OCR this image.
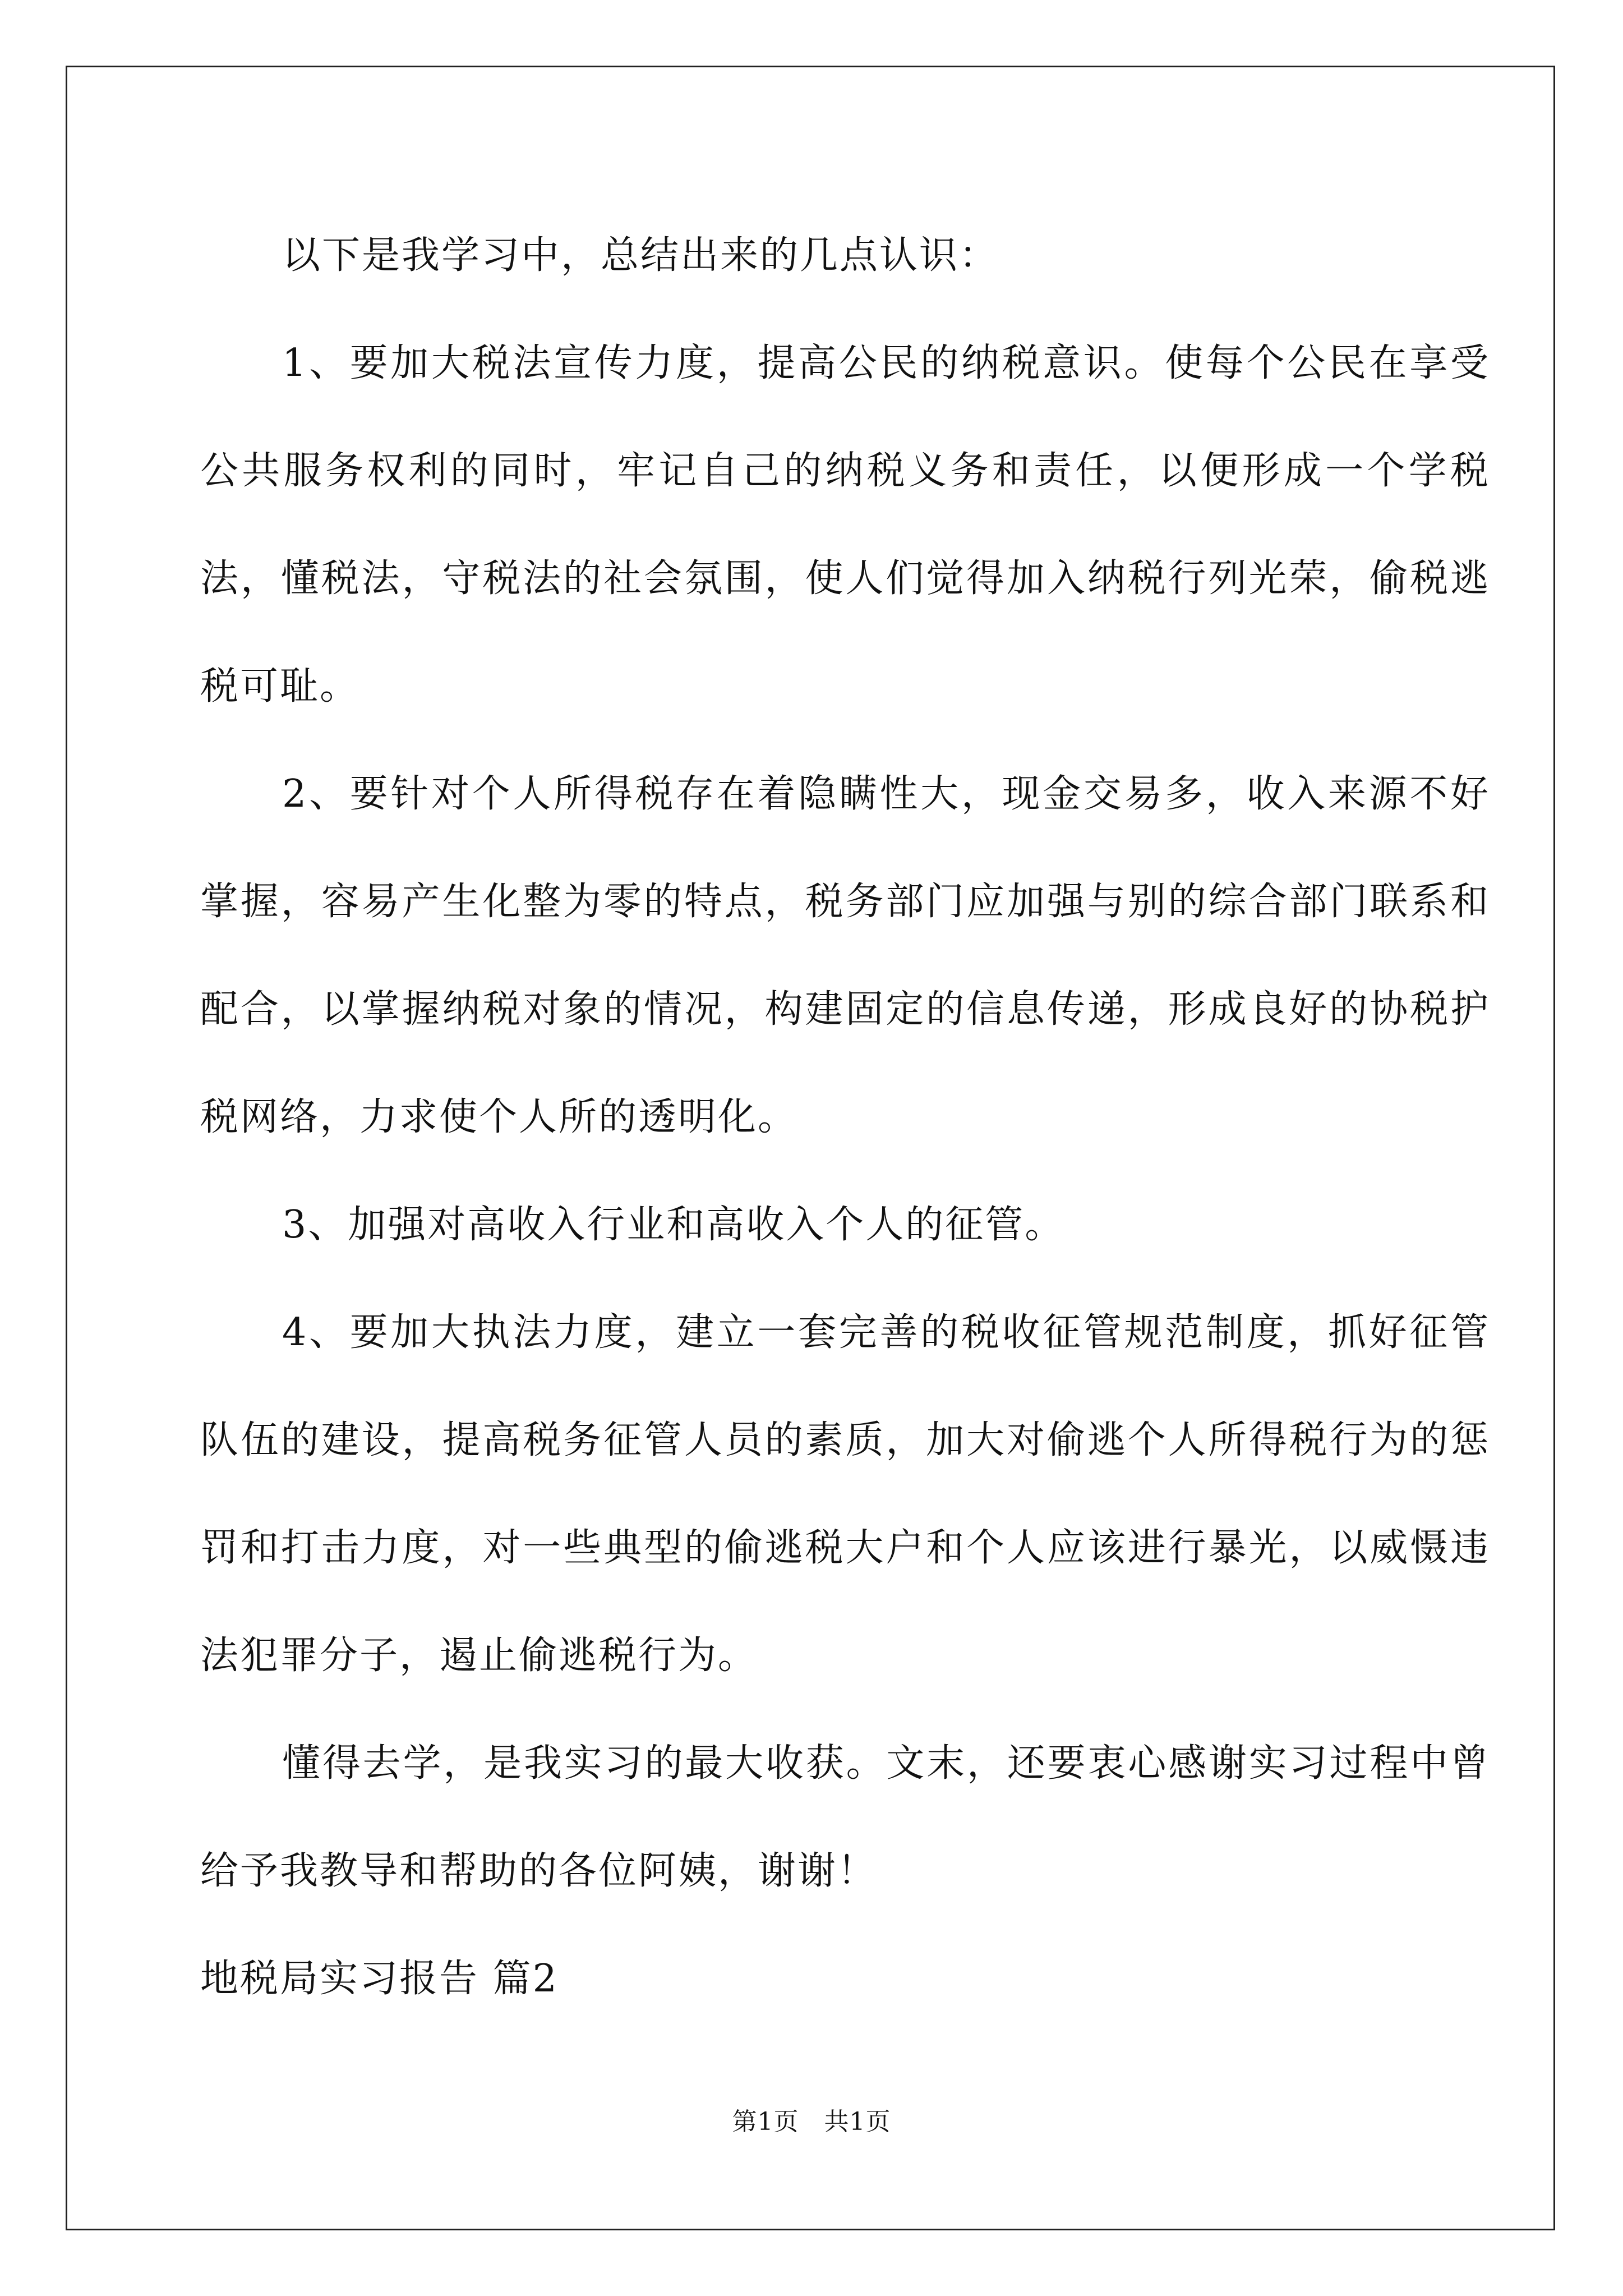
以下是我学习中，总结出来的几点认识：

1、要加大税法宣传力度，提高公民的纳税意识。使每个公民在享受公共服务权利的同时，牢记自己的纳税义务和责任，以便形成一个学税法，懂税法，守税法的社会氛围，使人们觉得加入纳税行列光荣，偷税逃税可耻。

2、要针对个人所得税存在着隐瞒性大，现金交易多，收入来源不好掌握，容易产生化整为零的特点，税务部门应加强与别的综合部门联系和配合，以掌握纳税对象的情况，构建固定的信息传递，形成良好的协税护税网络，力求使个人所的透明化。

3、加强对高收入行业和高收入个人的征管。

4、要加大执法力度，建立一套完善的税收征管规范制度，抓好征管队伍的建设，提高税务征管人员的素质，加大对偷逃个人所得税行为的惩罚和打击力度，对一些典型的偷逃税大户和个人应该进行暴光，以威慑违法犯罪分子，遏止偷逃税行为。

懂得去学，是我实习的最大收获。文末，还要衷心感谢实习过程中曾给予我教导和帮助的各位阿姨，谢谢！

地税局实习报告 篇2

第1页 共1页
